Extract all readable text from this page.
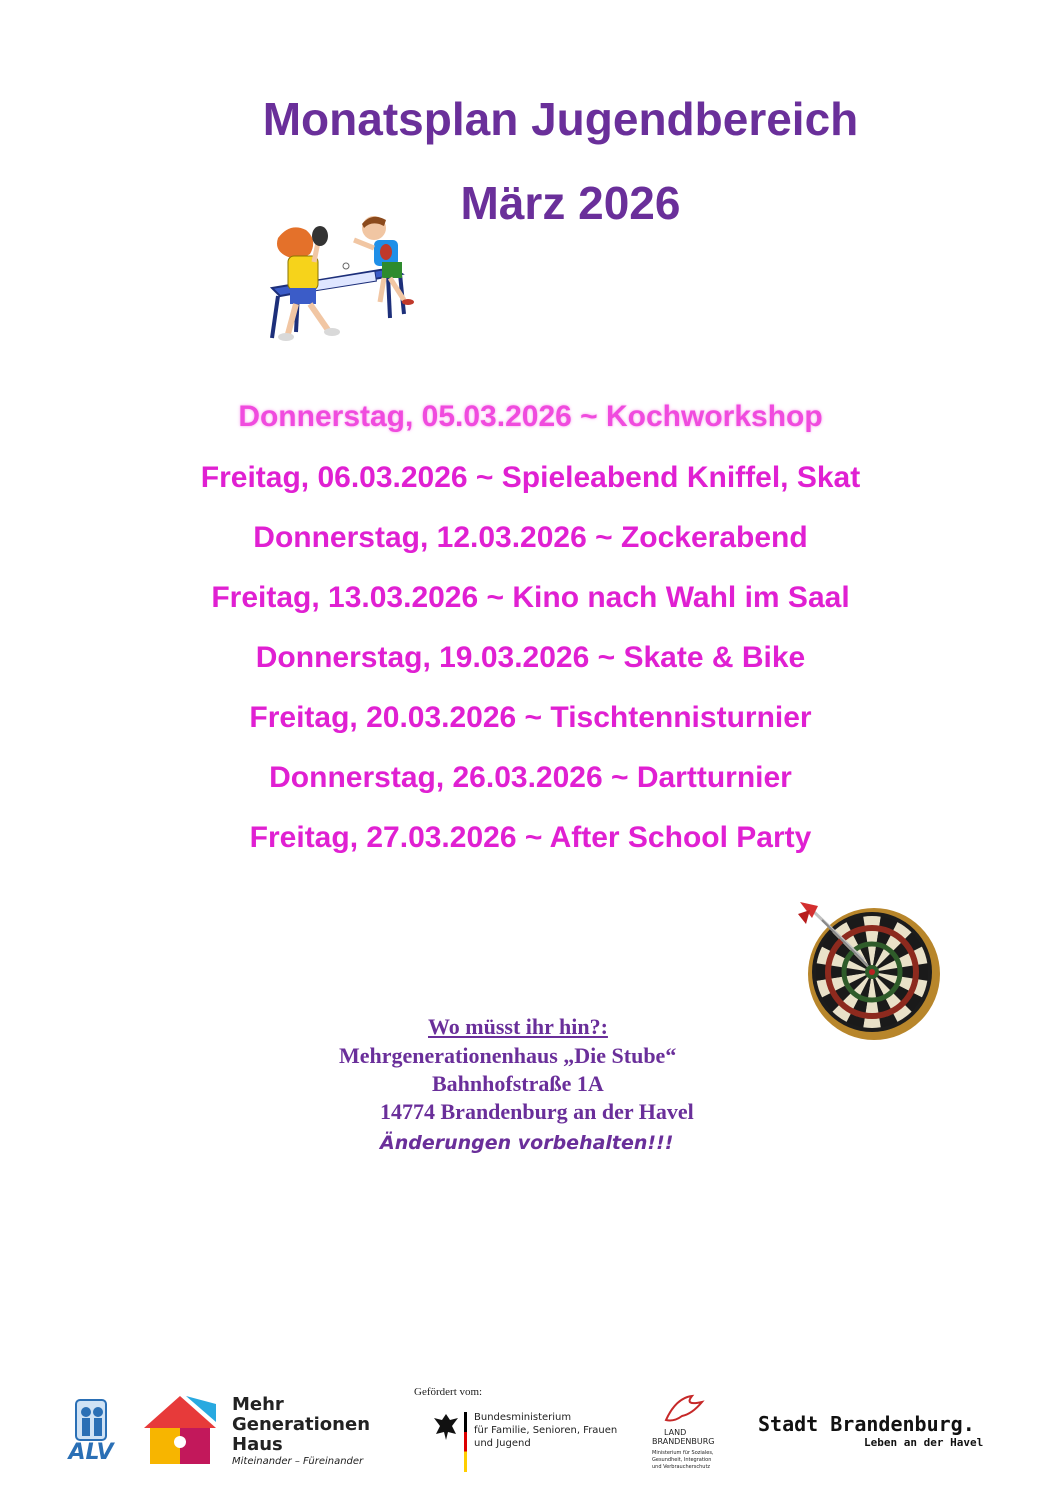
Monatsplan Jugendbereich
März 2026
Donnerstag, 05.03.2026 ~ Kochworkshop
Freitag, 06.03.2026 ~ Spieleabend Kniffel, Skat
Donnerstag, 12.03.2026 ~ Zockerabend
Freitag, 13.03.2026 ~ Kino nach Wahl im Saal
Donnerstag, 19.03.2026 ~ Skate & Bike
Freitag, 20.03.2026 ~ Tischtennisturnier
Donnerstag, 26.03.2026 ~ Dartturnier
Freitag, 27.03.2026 ~ After School Party
Wo müsst ihr hin?:
Mehrgenerationenhaus „Die Stube“
Bahnhofstraße 1A
14774 Brandenburg an der Havel
Änderungen vorbehalten!!!
ALV
Mehr
Generationen
Haus
Miteinander – Füreinander
Gefördert vom:
Bundesministerium
für Familie, Senioren, Frauen
und Jugend
LAND
BRANDENBURG
Ministerium für Soziales,
Gesundheit, Integration
und Verbraucherschutz
Stadt Brandenburg.
Leben an der Havel
